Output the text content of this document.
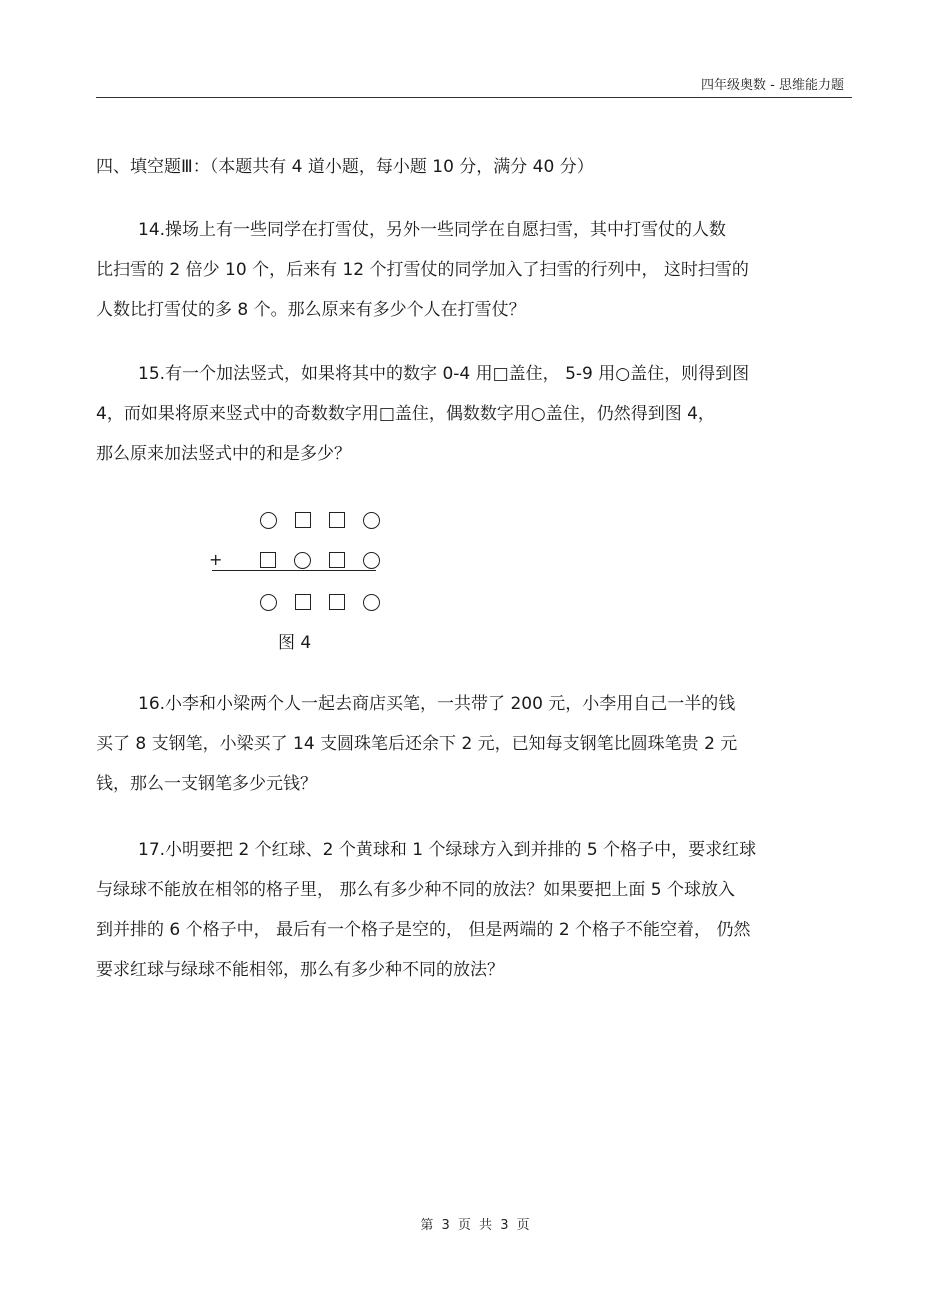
四年级奥数 - 思维能力题
四、填空题Ⅲ：（本题共有 4 道小题，每小题 10 分，满分 40 分）

14.操场上有一些同学在打雪仗，另外一些同学在自愿扫雪，其中打雪仗的人数

比扫雪的 2 倍少 10 个，后来有 12 个打雪仗的同学加入了扫雪的行列中， 这时扫雪的

人数比打雪仗的多 8 个。那么原来有多少个人在打雪仗？

15.有一个加法竖式，如果将其中的数字 0-4 用□盖住， 5-9 用○盖住，则得到图

4，而如果将原来竖式中的奇数数字用□盖住，偶数数字用○盖住，仍然得到图 4，

那么原来加法竖式中的和是多少？

+
图 4

16.小李和小梁两个人一起去商店买笔，一共带了 200 元，小李用自己一半的钱

买了 8 支钢笔，小梁买了 14 支圆珠笔后还余下 2 元，已知每支钢笔比圆珠笔贵 2 元

钱，那么一支钢笔多少元钱？

17.小明要把 2 个红球、2 个黄球和 1 个绿球方入到并排的 5 个格子中，要求红球

与绿球不能放在相邻的格子里， 那么有多少种不同的放法？如果要把上面 5 个球放入

到并排的 6 个格子中， 最后有一个格子是空的， 但是两端的 2 个格子不能空着， 仍然

要求红球与绿球不能相邻，那么有多少种不同的放法？

第 3 页 共 3 页
